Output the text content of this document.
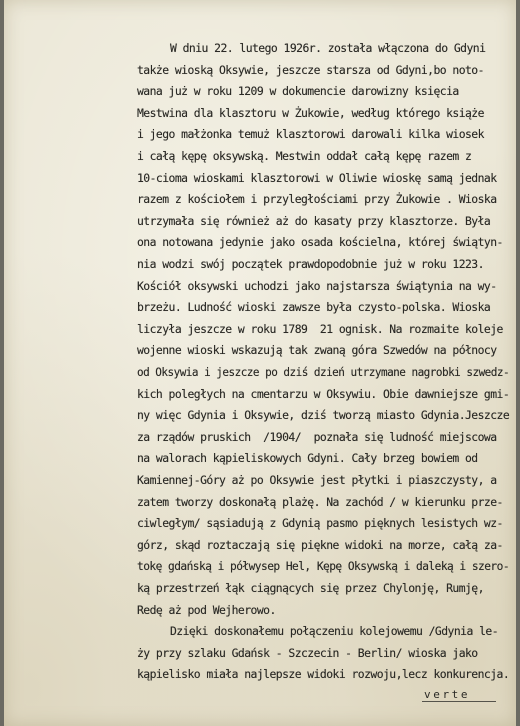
W dniu 22. lutego 1926r. została włączona do Gdyni
także wioską Oksywie, jeszcze starsza od Gdyni,bo noto-
wana już w roku 1209 w dokumencie darowizny księcia
Mestwina dla klasztoru w Żukowie, według którego książe
i jego małżonka temuż klasztorowi darowali kilka wiosek
i całą kępę oksywską. Mestwin oddał całą kępę razem z
10-cioma wioskami klasztorowi w Oliwie wioskę samą jednak
razem z kościołem i przyległościami przy Żukowie . Wioska
utrzymała się również aż do kasaty przy klasztorze. Była
ona notowana jedynie jako osada kościelna, której świątyn-
nia wodzi swój początek prawdopodobnie już w roku 1223.
Kościół oksywski uchodzi jako najstarsza świątynia na wy-
brzeżu. Ludność wioski zawsze była czysto-polska. Wioska
liczyła jeszcze w roku 1789  21 ognisk. Na rozmaite koleje
wojenne wioski wskazują tak zwaną góra Szwedów na północy
od Oksywia i jeszcze po dziś dzień utrzymane nagrobki szwedz-
kich poległych na cmentarzu w Oksywiu. Obie dawniejsze gmi-
ny więc Gdynia i Oksywie, dziś tworzą miasto Gdynia.Jeszcze
za rządów pruskich  /1904/  poznała się ludność miejscowa
na walorach kąpieliskowych Gdyni. Cały brzeg bowiem od
Kamiennej-Góry aż po Oksywie jest płytki i piaszczysty, a
zatem tworzy doskonałą plażę. Na zachód / w kierunku prze-
ciwległym/ sąsiadują z Gdynią pasmo pięknych lesistych wz-
górz, skąd roztaczają się piękne widoki na morze, całą za-
tokę gdańską i półwysep Hel, Kępę Oksywską i daleką i szero-
ką przestrzeń łąk ciągnących się przez Chylonję, Rumję,
Redę aż pod Wejherowo.
Dzięki doskonałemu połączeniu kolejowemu /Gdynia le-
ży przy szlaku Gdańsk - Szczecin - Berlin/ wioska jako
kąpielisko miała najlepsze widoki rozwoju,lecz konkurencja.
verte
